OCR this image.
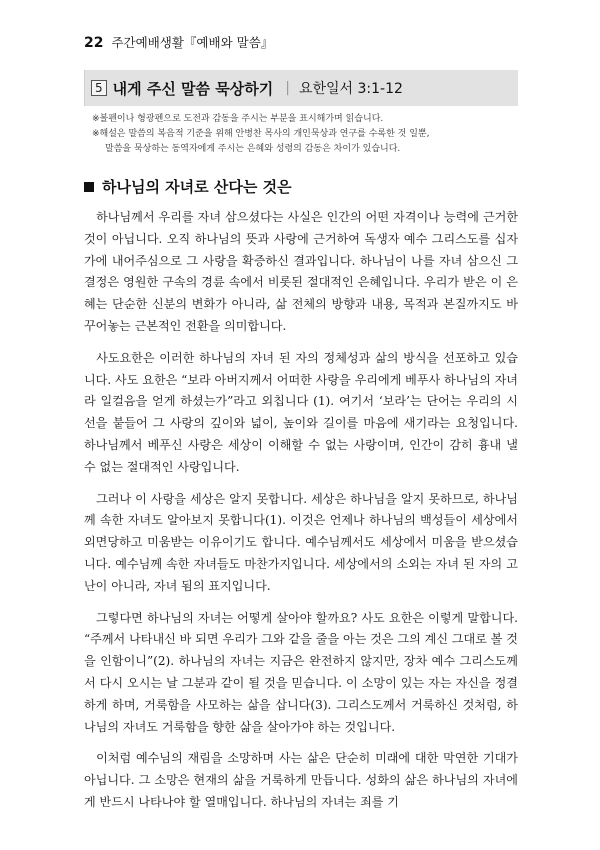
22 주간예배생활『예배와 말씀』
5 내게 주신 말씀 묵상하기 | 요한일서 3:1-12

※볼펜이나 형광펜으로 도전과 감동을 주시는 부분을 표시해가며 읽습니다.

※해설은 말씀의 복음적 기준을 위해 안병찬 목사의 개인묵상과 연구를 수록한 것 일뿐,

말씀을 묵상하는 동역자에게 주시는 은혜와 성령의 감동은 차이가 있습니다.

하나님의 자녀로 산다는 것은

하나님께서 우리를 자녀 삼으셨다는 사실은 인간의 어떤 자격이나 능력에 근거한 것이 아닙니다. 오직 하나님의 뜻과 사랑에 근거하여 독생자 예수 그리스도를 십자가에 내어주심으로 그 사랑을 확증하신 결과입니다. 하나님이 나를 자녀 삼으신 그 결정은 영원한 구속의 경륜 속에서 비롯된 절대적인 은혜입니다. 우리가 받은 이 은혜는 단순한 신분의 변화가 아니라, 삶 전체의 방향과 내용, 목적과 본질까지도 바꾸어놓는 근본적인 전환을 의미합니다.

사도요한은 이러한 하나님의 자녀 된 자의 정체성과 삶의 방식을 선포하고 있습니다. 사도 요한은 “보라 아버지께서 어떠한 사랑을 우리에게 베푸사 하나님의 자녀라 일컬음을 얻게 하셨는가”라고 외칩니다 (1). 여기서 ‘보라’는 단어는 우리의 시선을 붙들어 그 사랑의 깊이와 넓이, 높이와 길이를 마음에 새기라는 요청입니다. 하나님께서 베푸신 사랑은 세상이 이해할 수 없는 사랑이며, 인간이 감히 흉내 낼 수 없는 절대적인 사랑입니다.

그러나 이 사랑을 세상은 알지 못합니다. 세상은 하나님을 알지 못하므로, 하나님께 속한 자녀도 알아보지 못합니다(1). 이것은 언제나 하나님의 백성들이 세상에서 외면당하고 미움받는 이유이기도 합니다. 예수님께서도 세상에서 미움을 받으셨습니다. 예수님께 속한 자녀들도 마찬가지입니다. 세상에서의 소외는 자녀 된 자의 고난이 아니라, 자녀 됨의 표지입니다.

그렇다면 하나님의 자녀는 어떻게 살아야 할까요? 사도 요한은 이렇게 말합니다. “주께서 나타내신 바 되면 우리가 그와 같을 줄을 아는 것은 그의 계신 그대로 볼 것을 인함이니”(2). 하나님의 자녀는 지금은 완전하지 않지만, 장차 예수 그리스도께서 다시 오시는 날 그분과 같이 될 것을 믿습니다. 이 소망이 있는 자는 자신을 정결하게 하며, 거룩함을 사모하는 삶을 삽니다(3). 그리스도께서 거룩하신 것처럼, 하나님의 자녀도 거룩함을 향한 삶을 살아가야 하는 것입니다.

이처럼 예수님의 재림을 소망하며 사는 삶은 단순히 미래에 대한 막연한 기대가 아닙니다. 그 소망은 현재의 삶을 거룩하게 만듭니다. 성화의 삶은 하나님의 자녀에게 반드시 나타나야 할 열매입니다. 하나님의 자녀는 죄를 기
